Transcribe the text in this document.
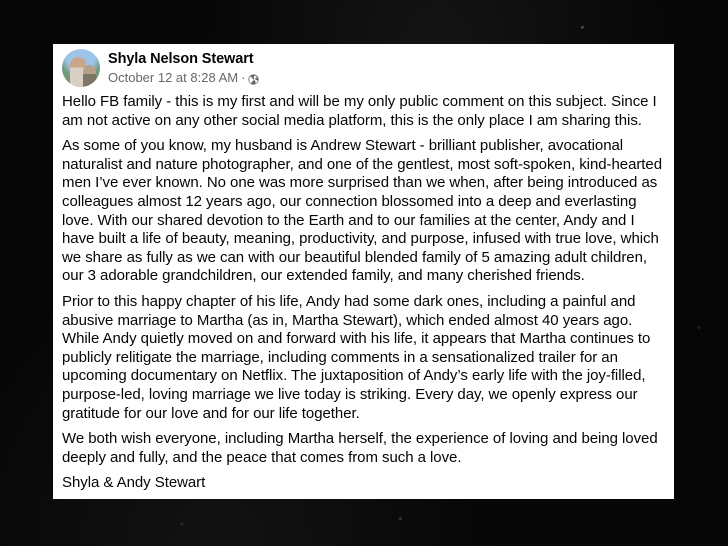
Shyla Nelson Stewart
October 12 at 8:28 AM ·

Hello FB family - this is my first and will be my only public comment on this subject. Since I am not active on any other social media platform, this is the only place I am sharing this.

As some of you know, my husband is Andrew Stewart - brilliant publisher, avocational naturalist and nature photographer, and one of the gentlest, most soft-spoken, kind-hearted men I’ve ever known. No one was more surprised than we when, after being introduced as colleagues almost 12 years ago, our connection blossomed into a deep and everlasting love. With our shared devotion to the Earth and to our families at the center, Andy and I have built a life of beauty, meaning, productivity, and purpose, infused with true love, which we share as fully as we can with our beautiful blended family of 5 amazing adult children, our 3 adorable grandchildren, our extended family, and many cherished friends.

Prior to this happy chapter of his life, Andy had some dark ones, including a painful and abusive marriage to Martha (as in, Martha Stewart), which ended almost 40 years ago. While Andy quietly moved on and forward with his life, it appears that Martha continues to publicly relitigate the marriage, including comments in a sensationalized trailer for an upcoming documentary on Netflix. The juxtaposition of Andy’s early life with the joy-filled, purpose-led, loving marriage we live today is striking. Every day, we openly express our gratitude for our love and for our life together.

We both wish everyone, including Martha herself, the experience of loving and being loved deeply and fully, and the peace that comes from such a love.

Shyla & Andy Stewart
